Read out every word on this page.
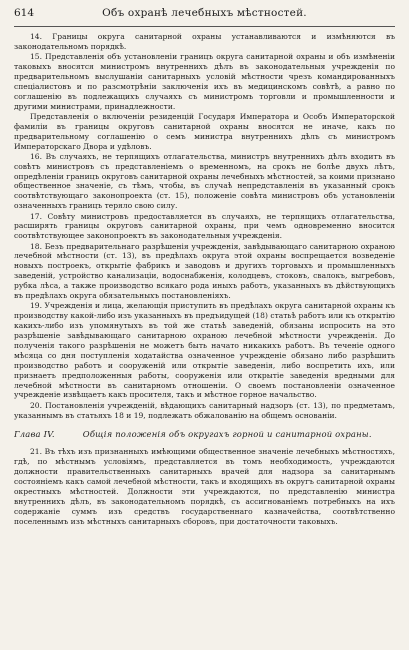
614	Объ охранѣ лечебныхъ мѣстностей.

14. Границы округа санитарной охраны устанавливаются и измѣняются въ законодательномъ порядкѣ.

15. Представленія объ установленіи границъ округа санитарной охраны и объ измѣненіи таковыхъ вносятся министромъ внутреннихъ дѣлъ въ законодательныя учрежденія по предварительномъ выслушаніи санитарныхъ условій мѣстности чрезъ командированныхъ спеціалистовъ и по разсмотрѣніи заключенія ихъ въ медицинскомъ совѣтѣ, а равно по соглашенію въ подлежащихъ случаяхъ съ министромъ торговли и промышленности и другими министрами, принадлежности.

Представленія о включеніи резиденцій Государя Императора и Особъ Императорской фамиліи въ границы округовъ санитарной охраны вносятся не иначе, какъ по предварительному соглашенію о семъ министра внутреннихъ дѣлъ съ министромъ Императорскаго Двора и удѣловъ.

16. Въ случаяхъ, не терпящихъ отлагательства, министръ внутреннихъ дѣлъ входитъ въ совѣтъ министровъ съ представленіемъ о временномъ, на срокъ не болѣе двухъ лѣтъ, опредѣленіи границъ округовъ санитарной охраны лечебныхъ мѣстностей, за коими признано общественное значеніе, съ тѣмъ, чтобы, въ случаѣ непредставленія въ указанный срокъ соотвѣтствующаго законопроекта (ст. 15), положеніе совѣта министровъ объ установленіи означенныхъ границъ теряло свою силу.

17. Совѣту министровъ предоставляется въ случаяхъ, не терпящихъ отлагательства, расширять границы округовъ санитарной охраны, при чемъ одновременно вносится соотвѣтствующее законопроектъ въ законодательныя учрежденія.

18. Безъ предварительнаго разрѣшенія учрежденія, завѣдывающаго санитарною охраною лечебной мѣстности (ст. 13), въ предѣлахъ округа этой охраны воспрещается возведеніе новыхъ построекъ, открытіе фабрикъ и заводовъ и другихъ торговыхъ и промышленныхъ заведеній, устройство канализаціи, водоснабженія, колодцевъ, стоковъ, свалокъ, выгребовъ, рубка лѣса, а также производство всякаго рода иныхъ работъ, указанныхъ въ дѣйствующихъ въ предѣлахъ округа обязательныхъ постановленіяхъ.

19. Учрежденія и лица, желающія приступить въ предѣлахъ округа санитарной охраны къ производству какой-либо изъ указанныхъ въ предъидущей (18) статьѣ работъ или къ открытію какихъ-либо изъ упомянутыхъ въ той же статьѣ заведеній, обязаны испросить на это разрѣшеніе завѣдывающаго санитарною охраною лечебной мѣстности учрежденія. До полученія такого разрѣшенія не можетъ быть начато никакихъ работъ. Въ теченіе одного мѣсяца со дня поступленія ходатайства означенное учрежденіе обязано либо разрѣшить производство работъ и сооруженій или открытіе заведенія, либо воспретить ихъ, или признаетъ предположенныя работы, сооруженія или открытіе заведенія вредными для лечебной мѣстности въ санитарномъ отношеніи. О своемъ постановленіи означенное учрежденіе извѣщаетъ какъ просителя, такъ и мѣстное горное начальство.

20. Постановленія учрежденій, вѣдающихъ санитарный надзоръ (ст. 13), по предметамъ, указаннымъ въ статьяхъ 18 и 19, подлежатъ обжалованію на общемъ основаніи.

Глава IV.	Общія положенія объ округахъ горной и санитарной охраны.

21. Въ тѣхъ изъ признанныхъ имѣющими общественное значеніе лечебныхъ мѣстностяхъ, гдѣ, по мѣстнымъ условіямъ, представляется въ томъ необходимость, учреждаются должности правительственныхъ санитарныхъ врачей для надзора за санитарнымъ состояніемъ какъ самой лечебной мѣстности, такъ и входящихъ въ округъ санитарной охраны окрестныхъ мѣстностей. Должности эти учреждаются, по представленію министра внутреннихъ дѣлъ, въ законодательномъ порядкѣ, съ ассигнованіемъ потребныхъ на ихъ содержаніе суммъ изъ средствъ государственнаго казначейства, соотвѣтственно поселеннымъ изъ мѣстныхъ санитарныхъ сборовъ, при достаточности таковыхъ.
